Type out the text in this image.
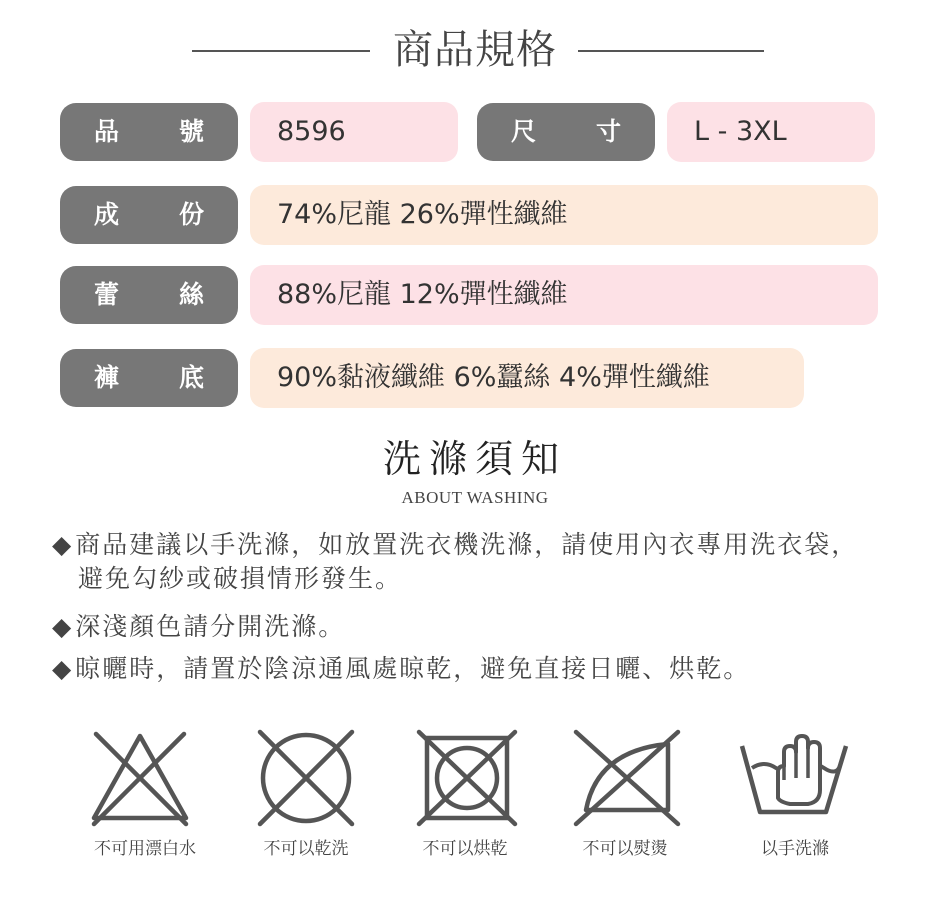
商品規格
品 號	8596	尺 寸	L - 3XL
成 份	74%尼龍 26%彈性纖維
蕾 絲	88%尼龍 12%彈性纖維
褲 底	90%黏液纖維 6%蠶絲 4%彈性纖維
洗滌須知
ABOUT WASHING
◆商品建議以手洗滌，如放置洗衣機洗滌，請使用內衣專用洗衣袋，
避免勾紗或破損情形發生。
◆深淺顏色請分開洗滌。
◆晾曬時，請置於陰涼通風處晾乾，避免直接日曬、烘乾。
不可用漂白水	不可以乾洗	不可以烘乾	不可以熨燙	以手洗滌
